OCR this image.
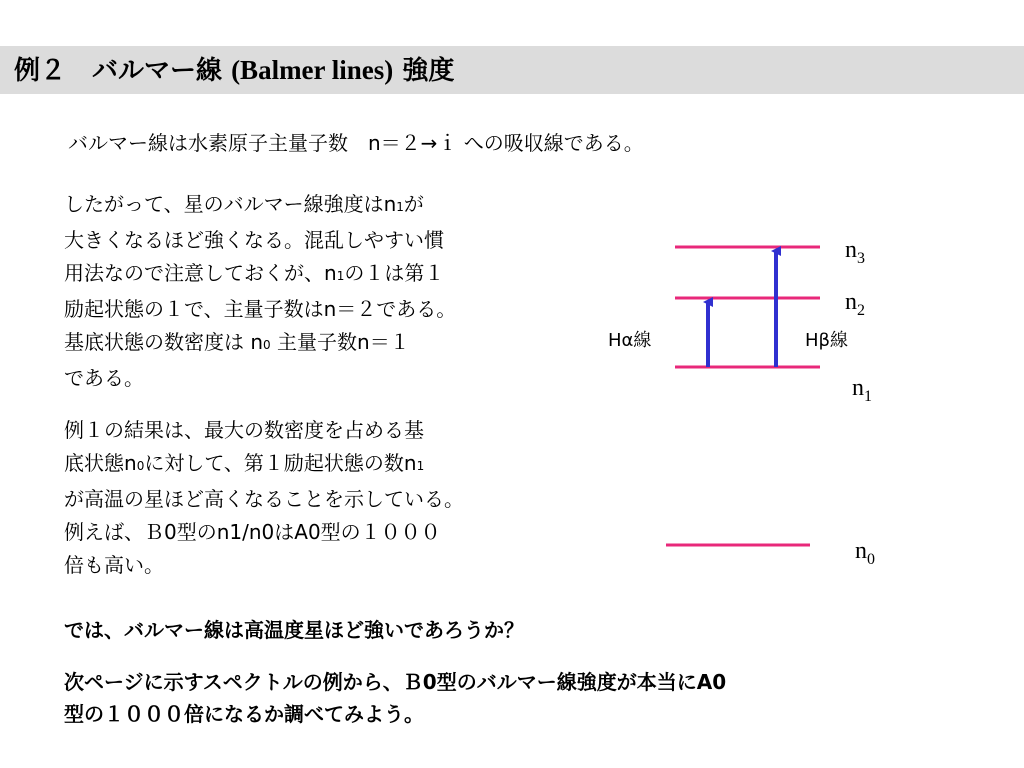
例２　バルマー線 (Balmer lines) 強度
バルマー線は水素原子主量子数　n＝２→ｉ への吸収線である。

したがって、星のバルマー線強度はn1が
大きくなるほど強くなる。混乱しやすい慣
用法なので注意しておくが、n1の１は第１
励起状態の１で、主量子数はn＝２である。
基底状態の数密度は n0 主量子数n＝１
である。

例１の結果は、最大の数密度を占める基
底状態n0に対して、第１励起状態の数n1
が高温の星ほど高くなることを示している。
例えば、Ｂ0型のn1/n0はA0型の１０００
倍も高い。

では、バルマー線は高温度星ほど強いであろうか？
次ページに示すスペクトルの例から、Ｂ0型のバルマー線強度が本当にA0
型の１０００倍になるか調べてみよう。
Hα線	Hβ線
$n_3$
$n_2$
$n_1$
$n_0$
